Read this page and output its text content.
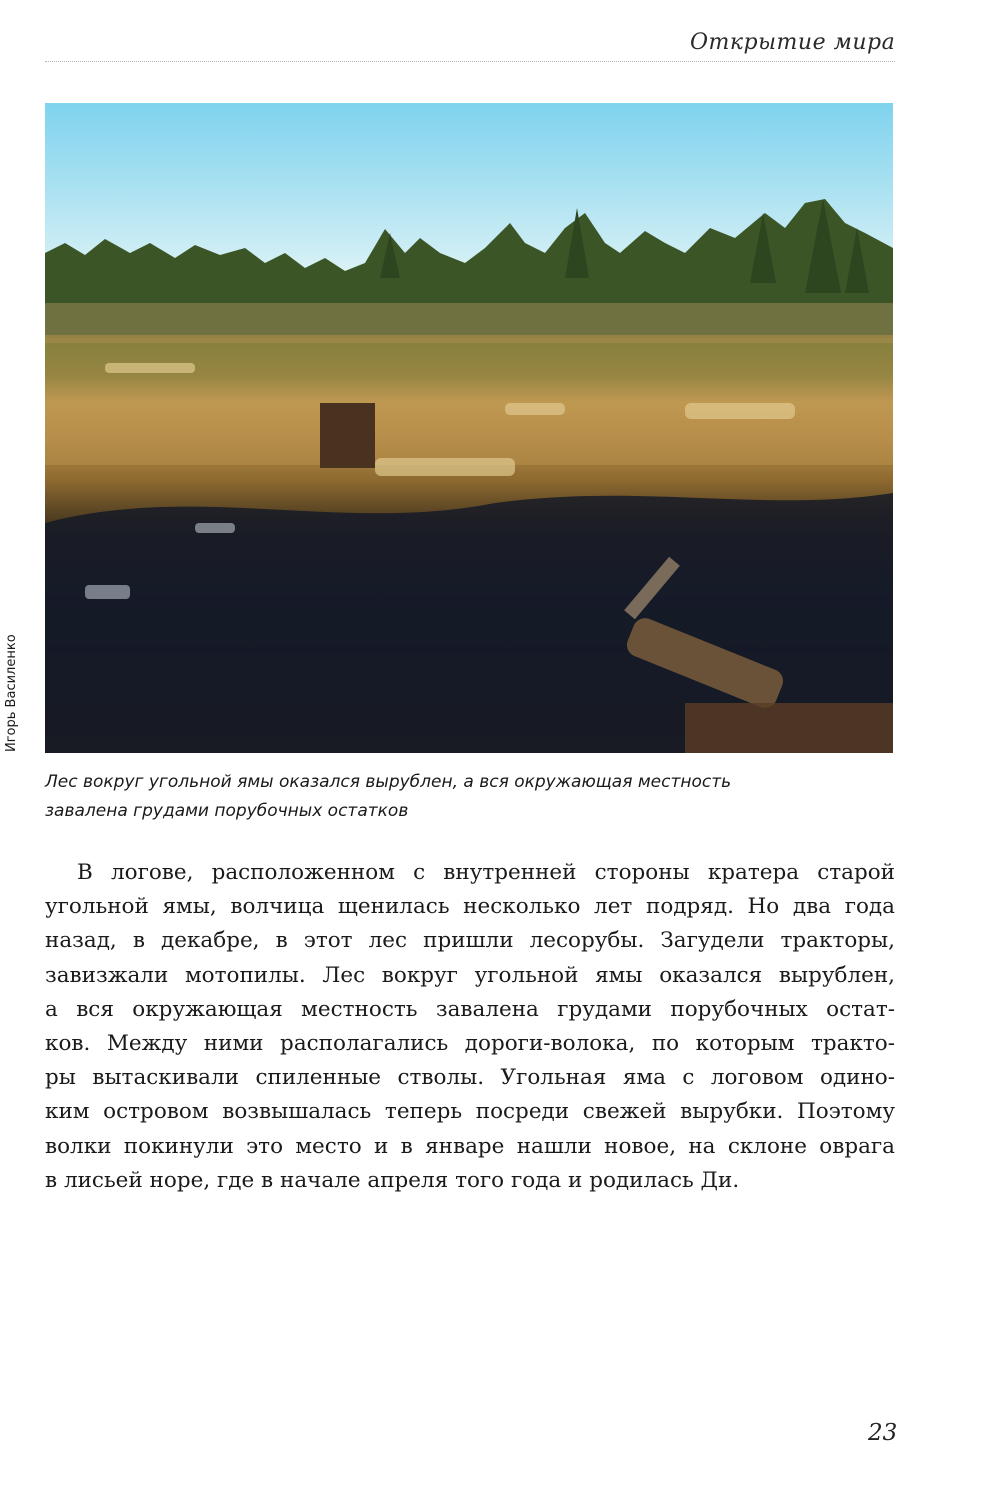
Открытие мира
Игорь Василенко
Лес вокруг угольной ямы оказался вырублен, а вся окружающая местность
завалена грудами порубочных остатков
В логове, расположенном с внутренней стороны кратера старой
угольной ямы, волчица щенилась несколько лет подряд. Но два года
назад, в декабре, в этот лес пришли лесорубы. Загудели тракторы,
завизжали мотопилы. Лес вокруг угольной ямы оказался вырублен,
а вся окружающая местность завалена грудами порубочных остат-
ков. Между ними располагались дороги-волока, по которым тракто-
ры вытаскивали спиленные стволы. Угольная яма с логовом одино-
ким островом возвышалась теперь посреди свежей вырубки. Поэтому
волки покинули это место и в январе нашли новое, на склоне оврага
в лисьей норе, где в начале апреля того года и родилась Ди.
23
